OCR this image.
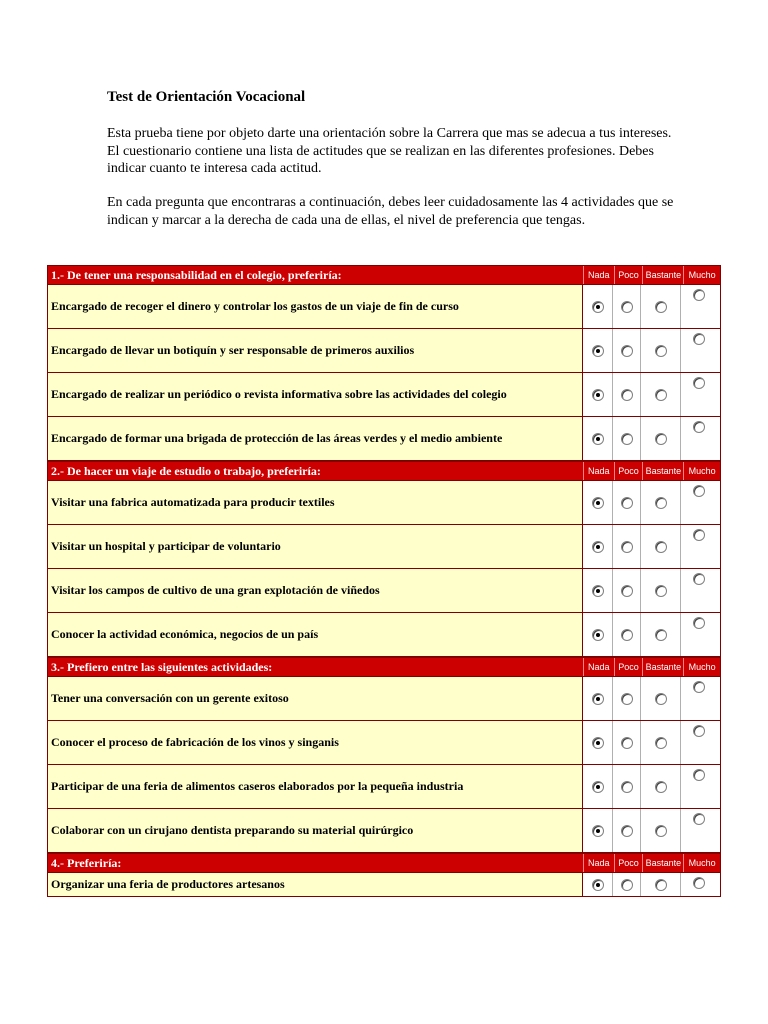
Test de Orientación Vocacional

Esta prueba tiene por objeto darte una orientación sobre la Carrera que mas se adecua a tus intereses. El cuestionario contiene una lista de actitudes que se realizan en las diferentes profesiones. Debes indicar cuanto te interesa cada actitud.

En cada pregunta que encontraras a continuación, debes leer cuidadosamente las 4 actividades que se indican y marcar a la derecha de cada una de ellas, el nivel de preferencia que tengas.

1.- De tener una responsabilidad en el colegio, preferiría:	Nada Poco Bastante Mucho
Encargado de recoger el dinero y controlar los gastos de un viaje de fin de curso
Encargado de llevar un botiquín y ser responsable de primeros auxilios
Encargado de realizar un periódico o revista informativa sobre las actividades del colegio
Encargado de formar una brigada de protección de las áreas verdes y el medio ambiente
2.- De hacer un viaje de estudio o trabajo, preferiría:	Nada Poco Bastante Mucho
Visitar una fabrica automatizada para producir textiles
Visitar un hospital y participar de voluntario
Visitar los campos de cultivo de una gran explotación de viñedos
Conocer la actividad económica, negocios de un país
3.- Prefiero entre las siguientes actividades:	Nada Poco Bastante Mucho
Tener una conversación con un gerente exitoso
Conocer el proceso de fabricación de los vinos y singanis
Participar de una feria de alimentos caseros elaborados por la pequeña industria
Colaborar con un cirujano dentista preparando su material quirúrgico
4.- Preferiría:	Nada Poco Bastante Mucho
Organizar una feria de productores artesanos
